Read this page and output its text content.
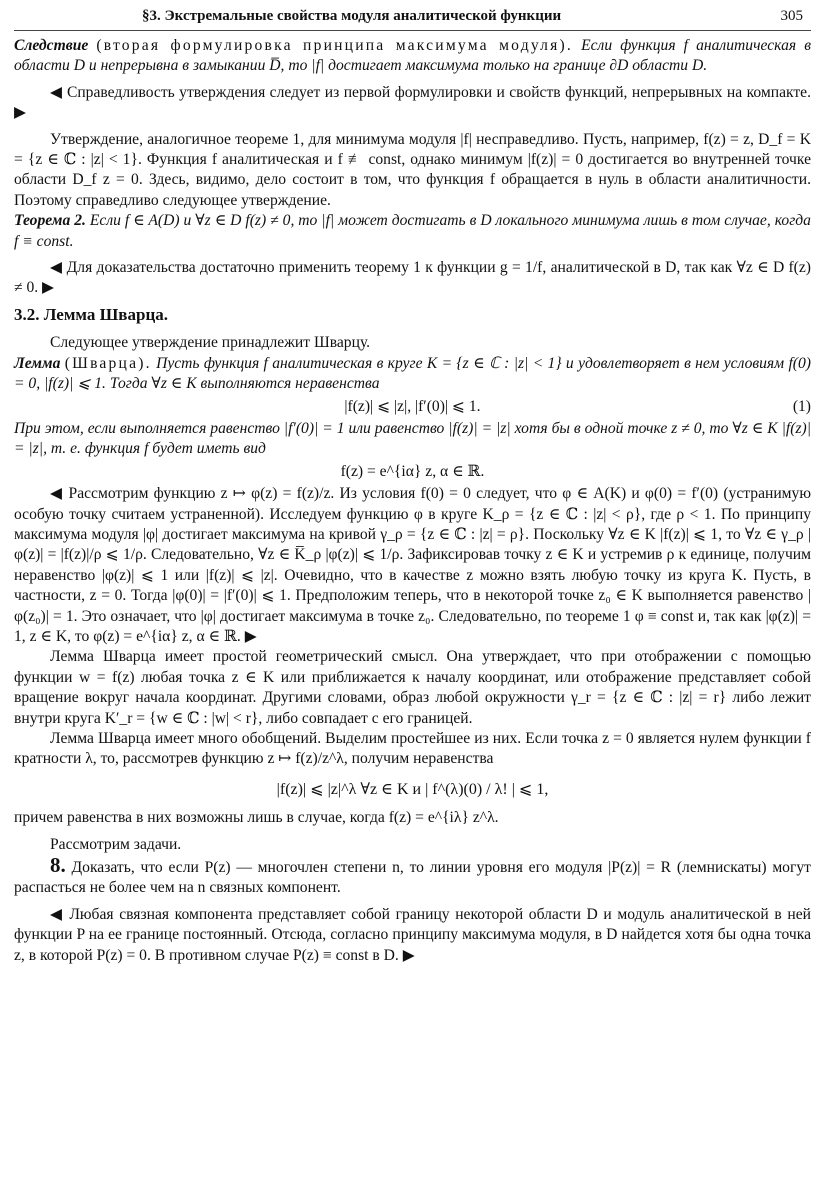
§3. Экстремальные свойства модуля аналитической функции	305

Следствие (вторая формулировка принципа максимума модуля). Если функция f аналитическая в области D и непрерывна в замыкании D̅, то |f| достигает максимума только на границе ∂D области D.

◀ Справедливость утверждения следует из первой формулировки и свойств функций, непрерывных на компакте. ▶

Утверждение, аналогичное теореме 1, для минимума модуля |f| несправедливо. Пусть, например, f(z) = z, D_f = K = {z ∈ ℂ : |z| < 1}. Функция f аналитическая и f ≢ const, однако минимум |f(z)| = 0 достигается во внутренней точке области D_f z = 0. Здесь, видимо, дело состоит в том, что функция f обращается в нуль в области аналитичности. Поэтому справедливо следующее утверждение.

Теорема 2. Если f ∈ A(D) и ∀z ∈ D f(z) ≠ 0, то |f| может достигать в D локального минимума лишь в том случае, когда f ≡ const.

◀ Для доказательства достаточно применить теорему 1 к функции g = 1/f, аналитической в D, так как ∀z ∈ D f(z) ≠ 0. ▶

3.2. Лемма Шварца.

Следующее утверждение принадлежит Шварцу.

Лемма (Шварца). Пусть функция f аналитическая в круге K = {z ∈ ℂ : |z| < 1} и удовлетворяет в нем условиям f(0) = 0, |f(z)| ⩽ 1. Тогда ∀z ∈ K выполняются неравенства

|f(z)| ⩽ |z|, |f′(0)| ⩽ 1.	(1)

При этом, если выполняется равенство |f′(0)| = 1 или равенство |f(z)| = |z| хотя бы в одной точке z ≠ 0, то ∀z ∈ K |f(z)| = |z|, т. е. функция f будет иметь вид

f(z) = e^{iα} z, α ∈ ℝ.

◀ Рассмотрим функцию z ↦ φ(z) = f(z)/z. Из условия f(0) = 0 следует, что φ ∈ A(K) и φ(0) = f′(0) (устранимую особую точку считаем устраненной). Исследуем функцию φ в круге K_ρ = {z ∈ ℂ : |z| < ρ}, где ρ < 1. По принципу максимума модуля |φ| достигает максимума на кривой γ_ρ = {z ∈ ℂ : |z| = ρ}. Поскольку ∀z ∈ K |f(z)| ⩽ 1, то ∀z ∈ γ_ρ |φ(z)| = |f(z)|/ρ ⩽ 1/ρ. Следовательно, ∀z ∈ K̅_ρ |φ(z)| ⩽ 1/ρ. Зафиксировав точку z ∈ K и устремив ρ к единице, получим неравенство |φ(z)| ⩽ 1 или |f(z)| ⩽ |z|. Очевидно, что в качестве z можно взять любую точку из круга K. Пусть, в частности, z = 0. Тогда |φ(0)| = |f′(0)| ⩽ 1. Предположим теперь, что в некоторой точке z₀ ∈ K выполняется равенство |φ(z₀)| = 1. Это означает, что |φ| достигает максимума в точке z₀. Следовательно, по теореме 1 φ ≡ const и, так как |φ(z)| = 1, z ∈ K, то φ(z) = e^{iα} z, α ∈ ℝ. ▶

Лемма Шварца имеет простой геометрический смысл. Она утверждает, что при отображении с помощью функции w = f(z) любая точка z ∈ K или приближается к началу координат, или отображение представляет собой вращение вокруг начала координат. Другими словами, образ любой окружности γ_r = {z ∈ ℂ : |z| = r} либо лежит внутри круга K′_r = {w ∈ ℂ : |w| < r}, либо совпадает с его границей.

Лемма Шварца имеет много обобщений. Выделим простейшее из них. Если точка z = 0 является нулем функции f кратности λ, то, рассмотрев функцию z ↦ f(z)/z^λ, получим неравенства

|f(z)| ⩽ |z|^λ ∀z ∈ K и | f^(λ)(0) / λ! | ⩽ 1,

причем равенства в них возможны лишь в случае, когда f(z) = e^{iλ} z^λ.

Рассмотрим задачи.

8. Доказать, что если P(z) — многочлен степени n, то линии уровня его модуля |P(z)| = R (лемнискаты) могут распасться не более чем на n связных компонент.

◀ Любая связная компонента представляет собой границу некоторой области D и модуль аналитической в ней функции P на ее границе постоянный. Отсюда, согласно принципу максимума модуля, в D найдется хотя бы одна точка z, в которой P(z) = 0. В противном случае P(z) ≡ const в D. ▶
